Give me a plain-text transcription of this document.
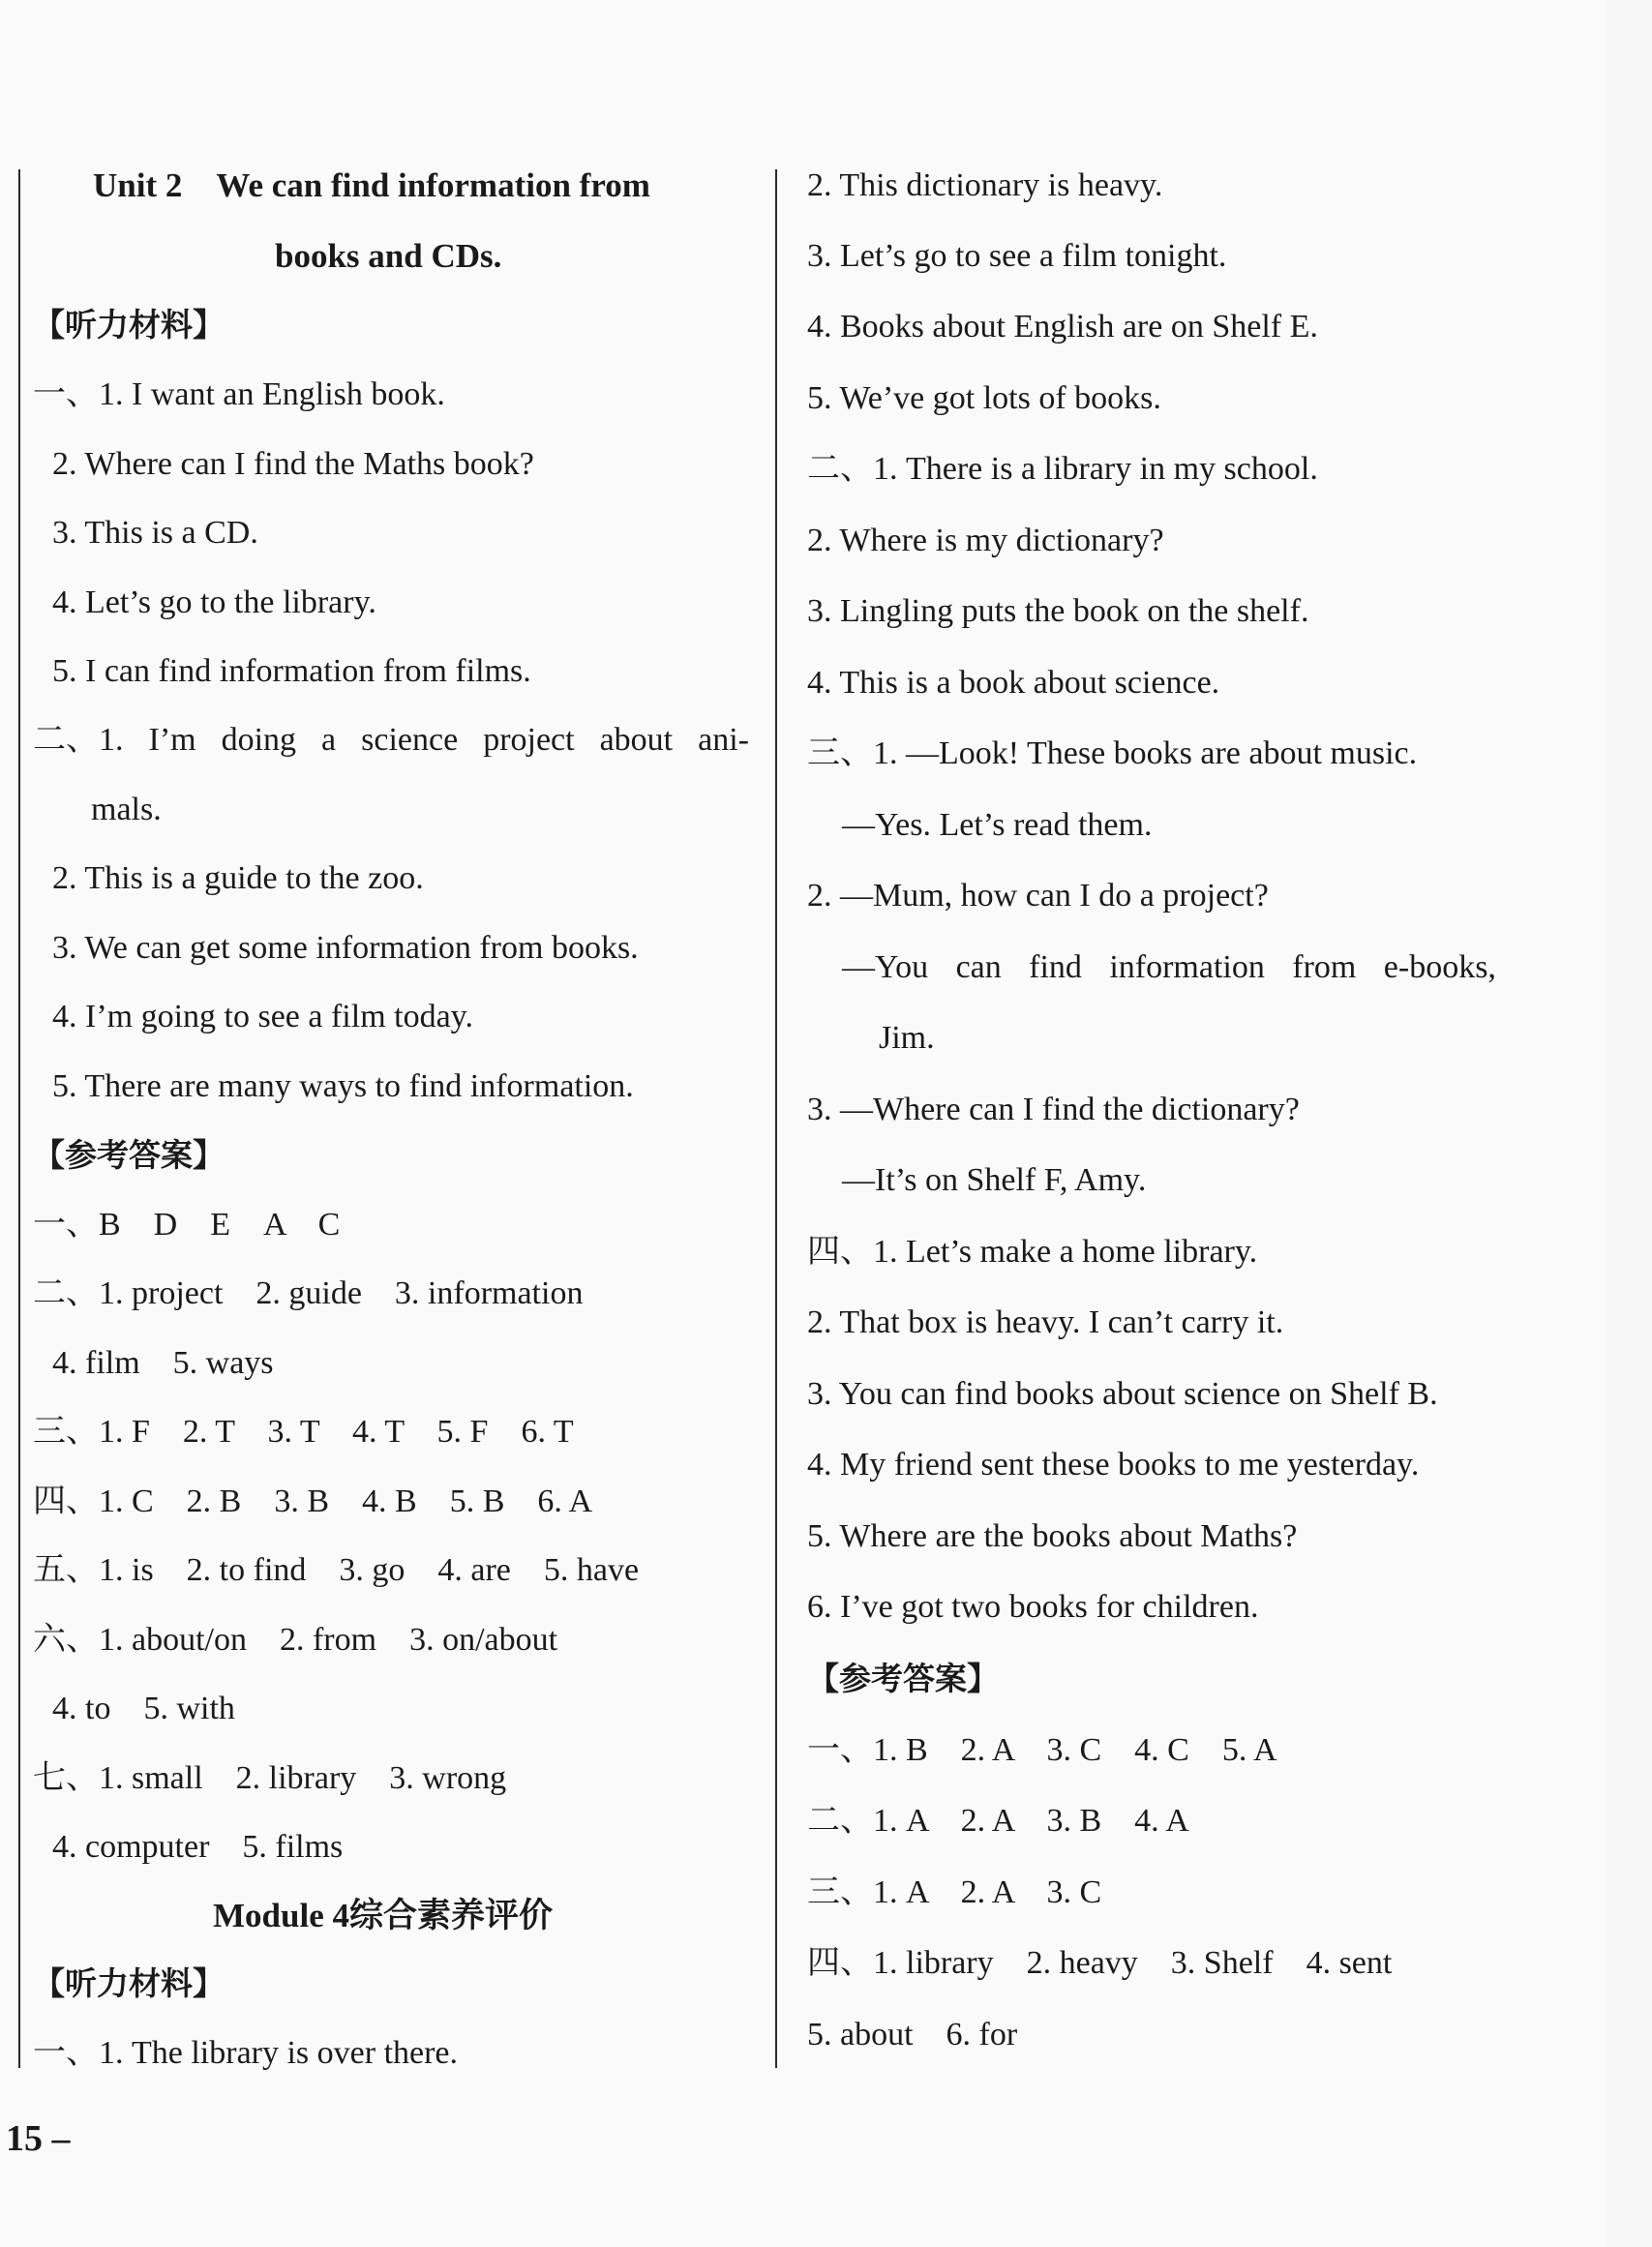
Unit 2　We can find information from
books and CDs.
【听力材料】
一、1. I want an English book.
2. Where can I find the Maths book?
3. This is a CD.
4. Let’s go to the library.
5. I can find information from films.
二、1. I’m doing a science project about ani-
mals.
2. This is a guide to the zoo.
3. We can get some information from books.
4. I’m going to see a film today.
5. There are many ways to find information.
【参考答案】
一、B　D　E　A　C
二、1. project　2. guide　3. information
4. film　5. ways
三、1. F　2. T　3. T　4. T　5. F　6. T
四、1. C　2. B　3. B　4. B　5. B　6. A
五、1. is　2. to find　3. go　4. are　5. have
六、1. about/on　2. from　3. on/about
4. to　5. with
七、1. small　2. library　3. wrong
4. computer　5. films
Module 4综合素养评价
【听力材料】
一、1. The library is over there.
2. This dictionary is heavy.
3. Let’s go to see a film tonight.
4. Books about English are on Shelf E.
5. We’ve got lots of books.
二、1. There is a library in my school.
2. Where is my dictionary?
3. Lingling puts the book on the shelf.
4. This is a book about science.
三、1. —Look! These books are about music.
—Yes. Let’s read them.
2. —Mum, how can I do a project?
—You can find information from e-books,
Jim.
3. —Where can I find the dictionary?
—It’s on Shelf F, Amy.
四、1. Let’s make a home library.
2. That box is heavy. I can’t carry it.
3. You can find books about science on Shelf B.
4. My friend sent these books to me yesterday.
5. Where are the books about Maths?
6. I’ve got two books for children.
【参考答案】
一、1. B　2. A　3. C　4. C　5. A
二、1. A　2. A　3. B　4. A
三、1. A　2. A　3. C
四、1. library　2. heavy　3. Shelf　4. sent
5. about　6. for
15 –
